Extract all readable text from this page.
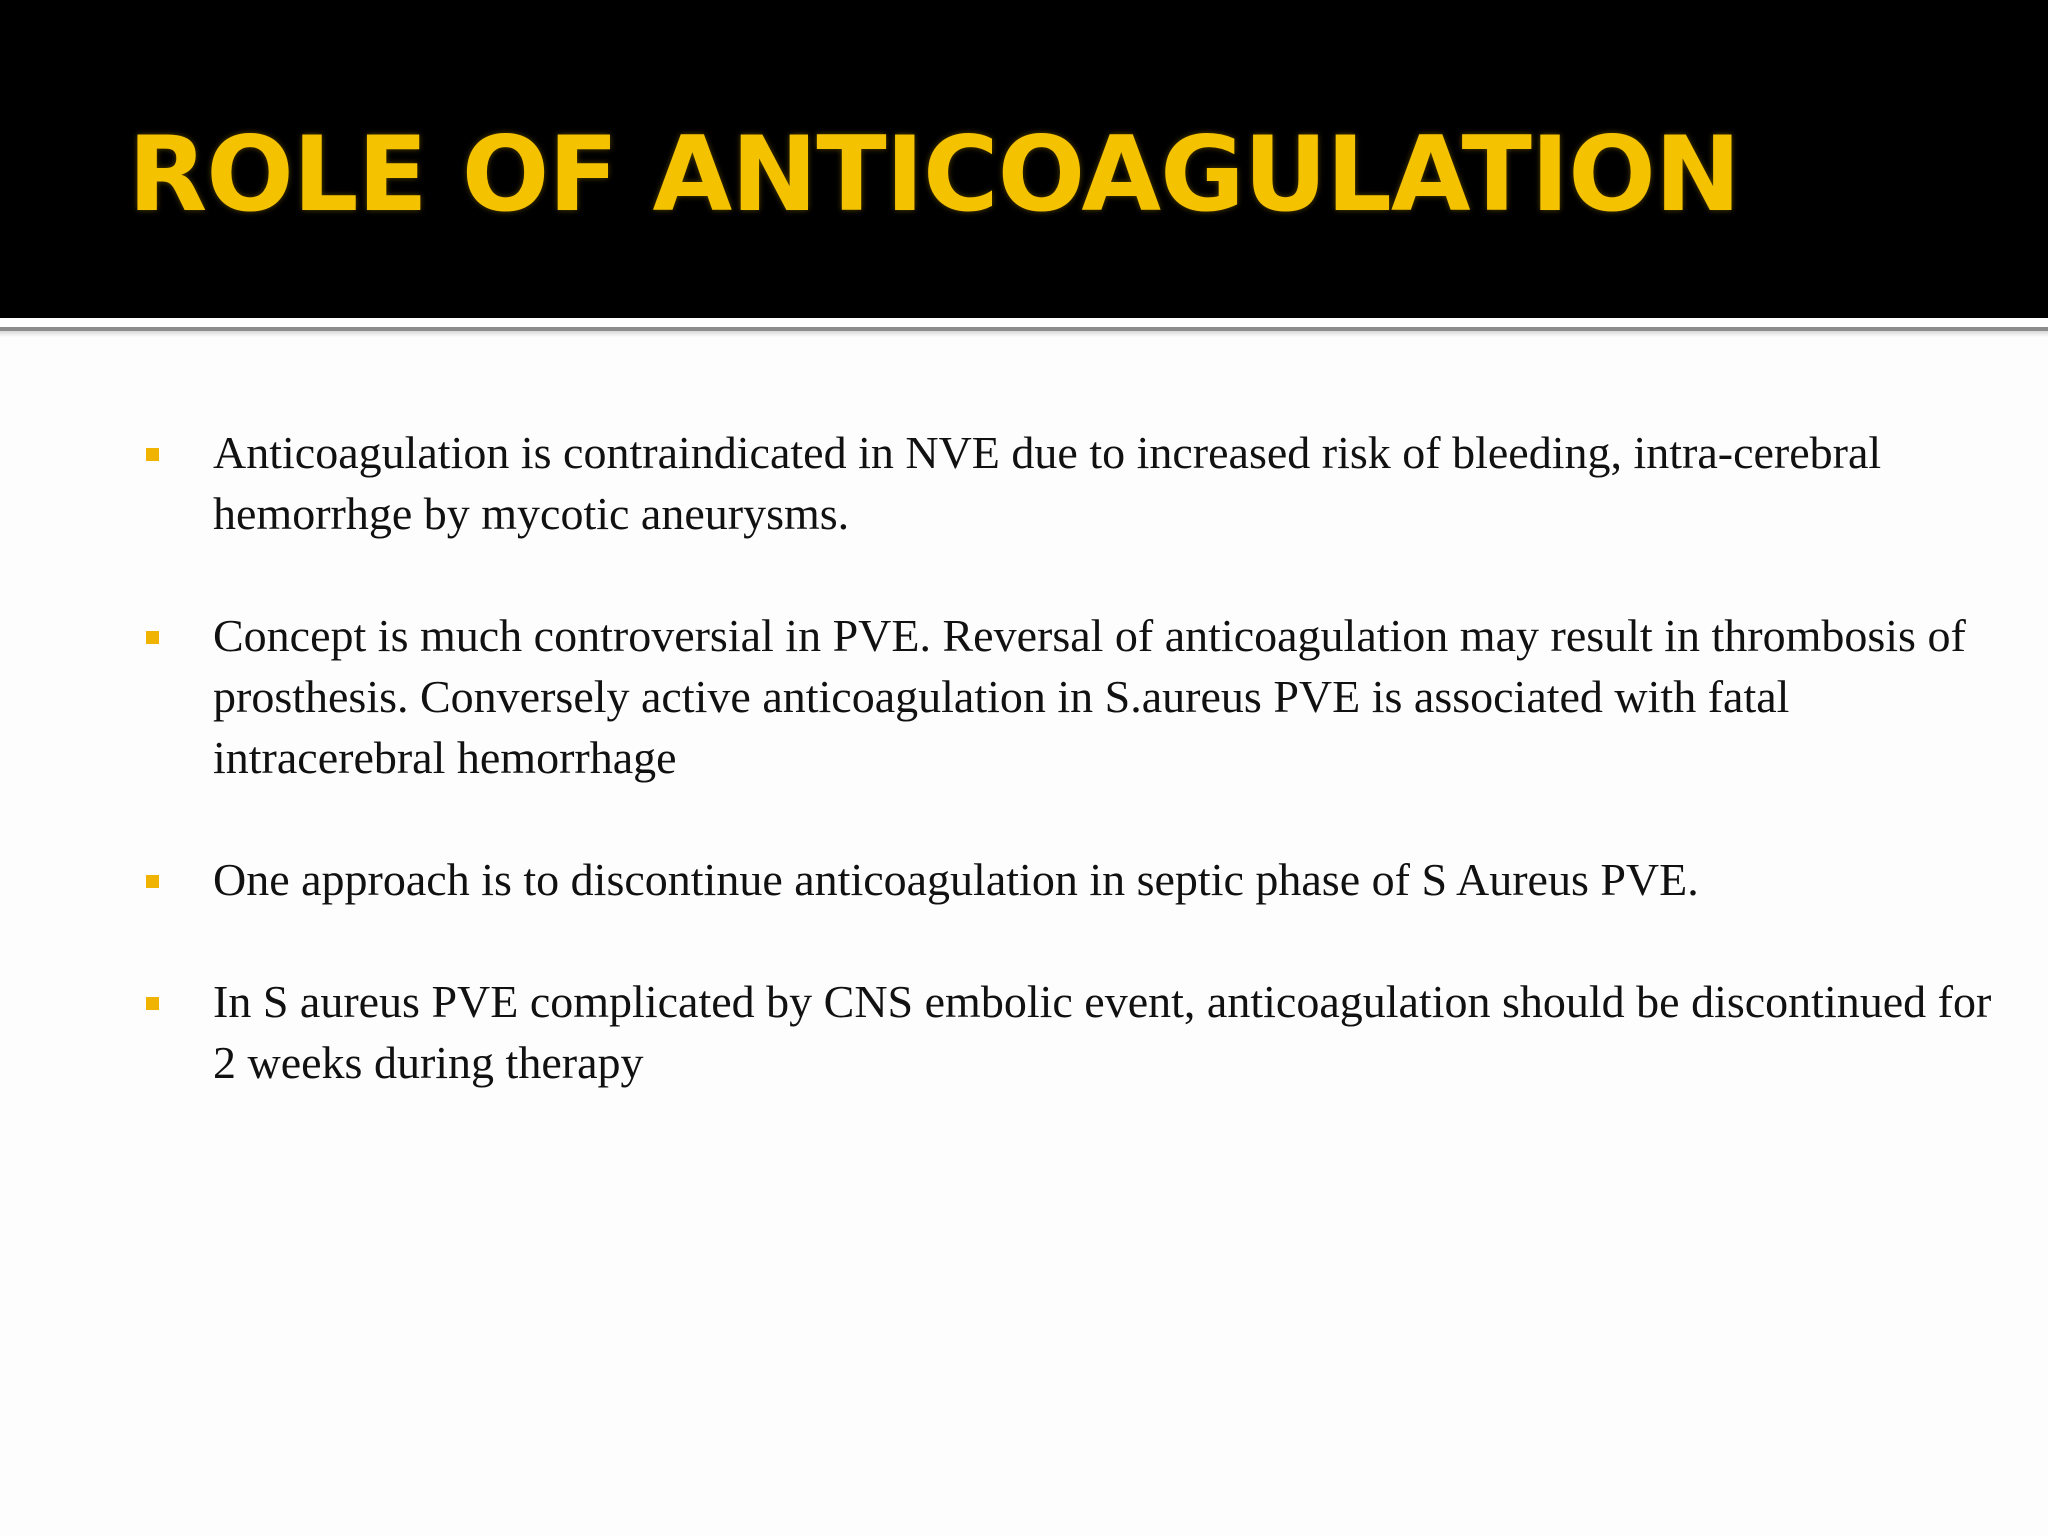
ROLE OF ANTICOAGULATION
Anticoagulation is contraindicated in NVE due to increased risk of bleeding, intra-cerebral hemorrhge by mycotic aneurysms.
Concept is much controversial in PVE. Reversal of anticoagulation may result in thrombosis of prosthesis. Conversely active anticoagulation in S.aureus PVE is associated with fatal intracerebral hemorrhage
One approach is to discontinue anticoagulation in septic phase of S Aureus PVE.
In S aureus PVE complicated by CNS embolic event, anticoagulation should be discontinued for 2 weeks during therapy
